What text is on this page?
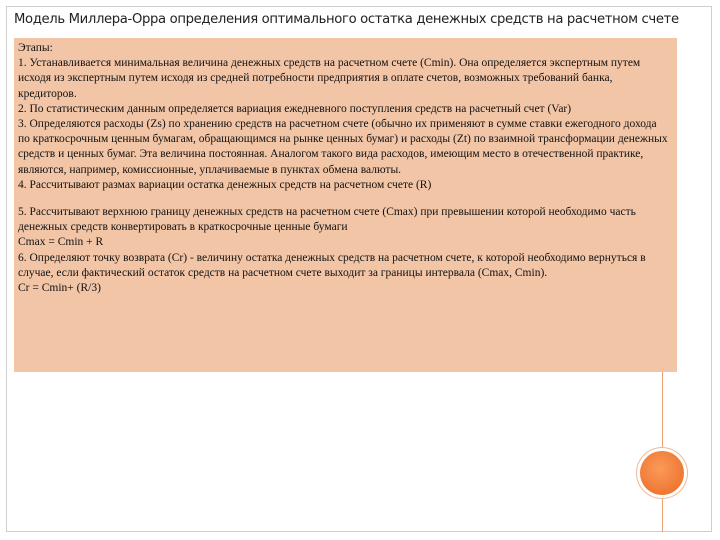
Модель Миллера-Орра определения оптимального остатка денежных средств на расчетном счете

Этапы:

1. Устанавливается минимальная величина денежных средств на расчетном счете (Cmin). Она определяется экспертным путем исходя из экспертным путем исходя из средней потребности предприятия в оплате счетов, возможных требований банка, кредиторов.

2. По статистическим данным определяется вариация ежедневного поступления средств на расчетный счет (Var)

3. Определяются расходы (Zs) по хранению средств на расчетном счете (обычно их применяют в сумме ставки ежегодного дохода по краткосрочным ценным бумагам, обращающимся на рынке ценных бумаг) и расходы (Zt) по взаимной трансформации денежных средств и ценных бумаг. Эта величина постоянная. Аналогом такого вида расходов, имеющим место в отечественной практике, являются, например, комиссионные, уплачиваемые в пунктах обмена валюты.

4. Рассчитывают размах вариации остатка денежных средств на расчетном счете (R)

5. Рассчитывают верхнюю границу денежных средств на расчетном счете (Cmax) при превышении которой необходимо часть денежных средств конвертировать в краткосрочные ценные бумаги

Cmax = Cmin + R

6. Определяют точку возврата (Cr) - величину остатка денежных средств на расчетном счете, к которой необходимо вернуться в случае, если фактический остаток средств на расчетном счете выходит за границы интервала (Cmax, Cmin).

Cr = Cmin+ (R/3)
